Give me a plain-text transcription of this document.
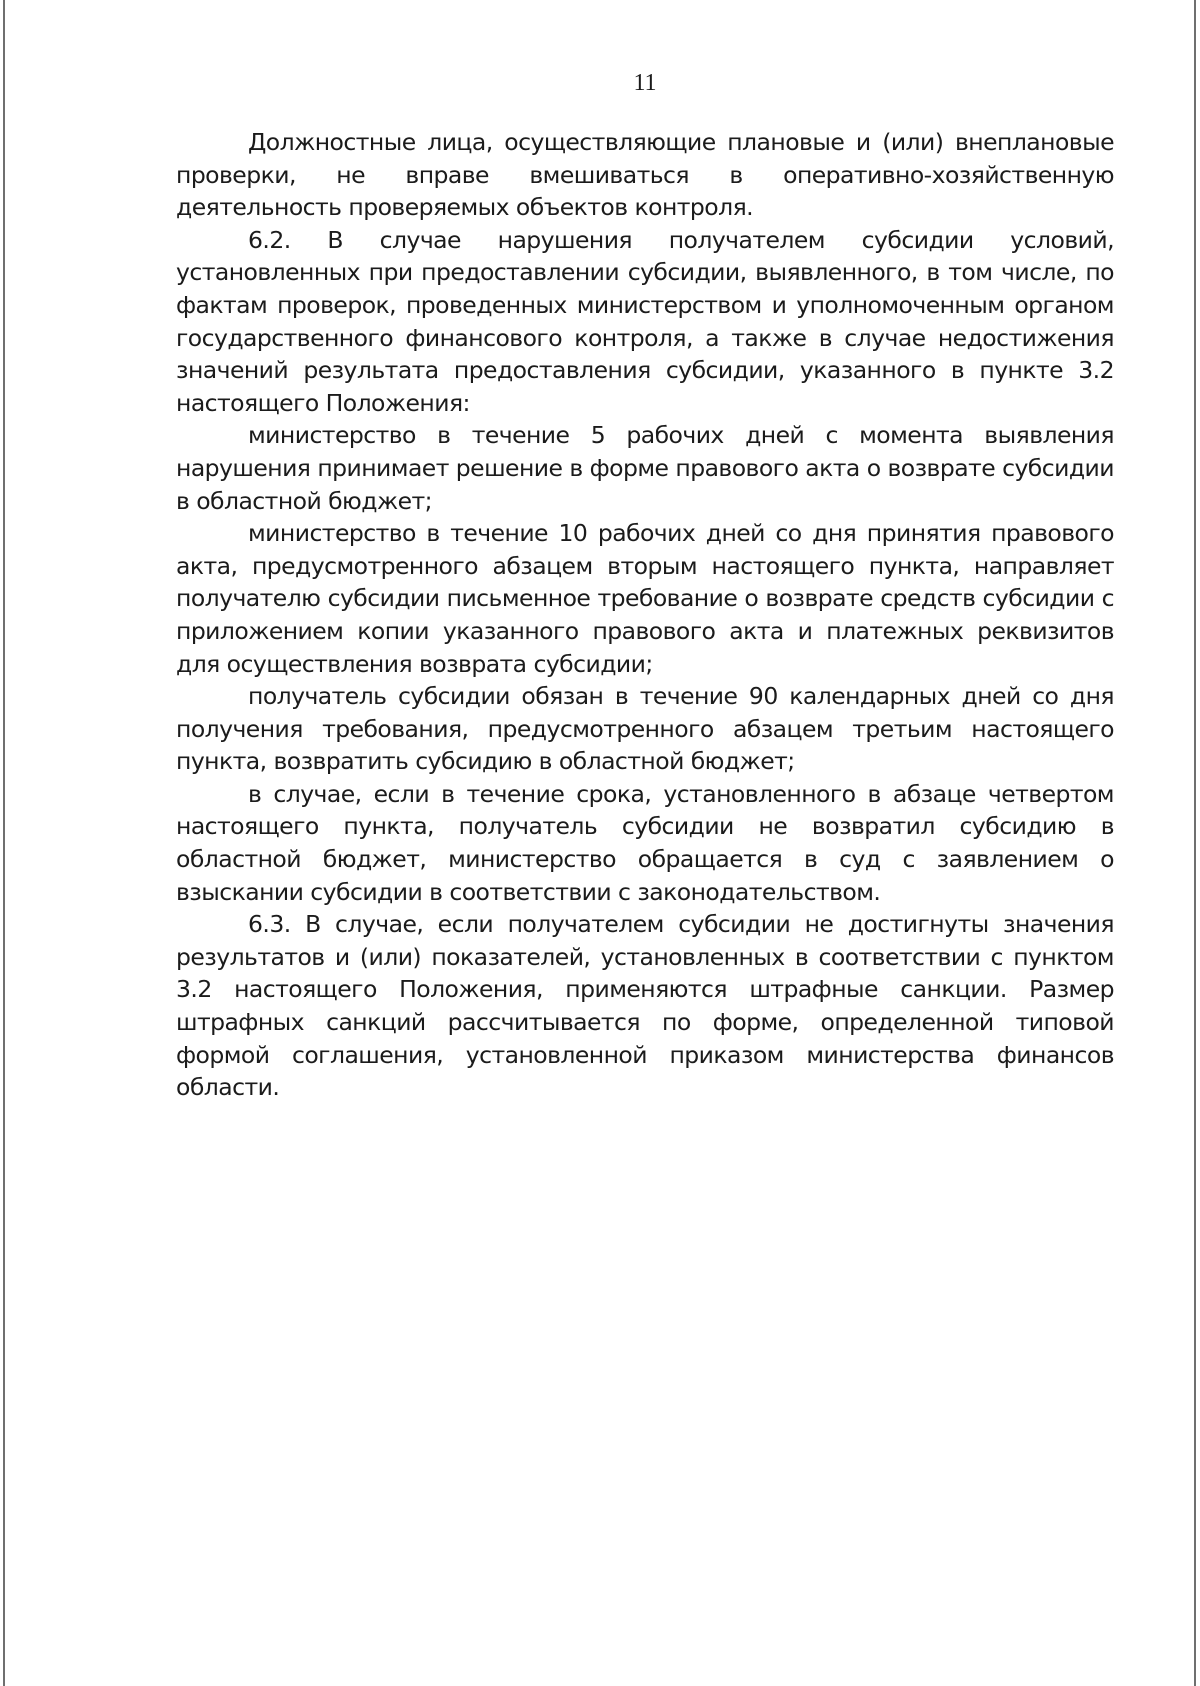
11

Должностные лица, осуществляющие плановые и (или) внеплановые проверки, не вправе вмешиваться в оперативно-хозяйственную деятельность проверяемых объектов контроля.

6.2. В случае нарушения получателем субсидии условий, установленных при предоставлении субсидии, выявленного, в том числе, по фактам проверок, проведенных министерством и уполномоченным органом государственного финансового контроля, а также в случае недостижения значений результата предоставления субсидии, указанного в пункте 3.2 настоящего Положения:

министерство в течение 5 рабочих дней с момента выявления нарушения принимает решение в форме правового акта о возврате субсидии в областной бюджет;

министерство в течение 10 рабочих дней со дня принятия правового акта, предусмотренного абзацем вторым настоящего пункта, направляет получателю субсидии письменное требование о возврате средств субсидии с приложением копии указанного правового акта и платежных реквизитов для осуществления возврата субсидии;

получатель субсидии обязан в течение 90 календарных дней со дня получения требования, предусмотренного абзацем третьим настоящего пункта, возвратить субсидию в областной бюджет;

в случае, если в течение срока, установленного в абзаце четвертом настоящего пункта, получатель субсидии не возвратил субсидию в областной бюджет, министерство обращается в суд с заявлением о взыскании субсидии в соответствии с законодательством.

6.3. В случае, если получателем субсидии не достигнуты значения результатов и (или) показателей, установленных в соответствии с пунктом 3.2 настоящего Положения, применяются штрафные санкции. Размер штрафных санкций рассчитывается по форме, определенной типовой формой соглашения, установленной приказом министерства финансов области.
